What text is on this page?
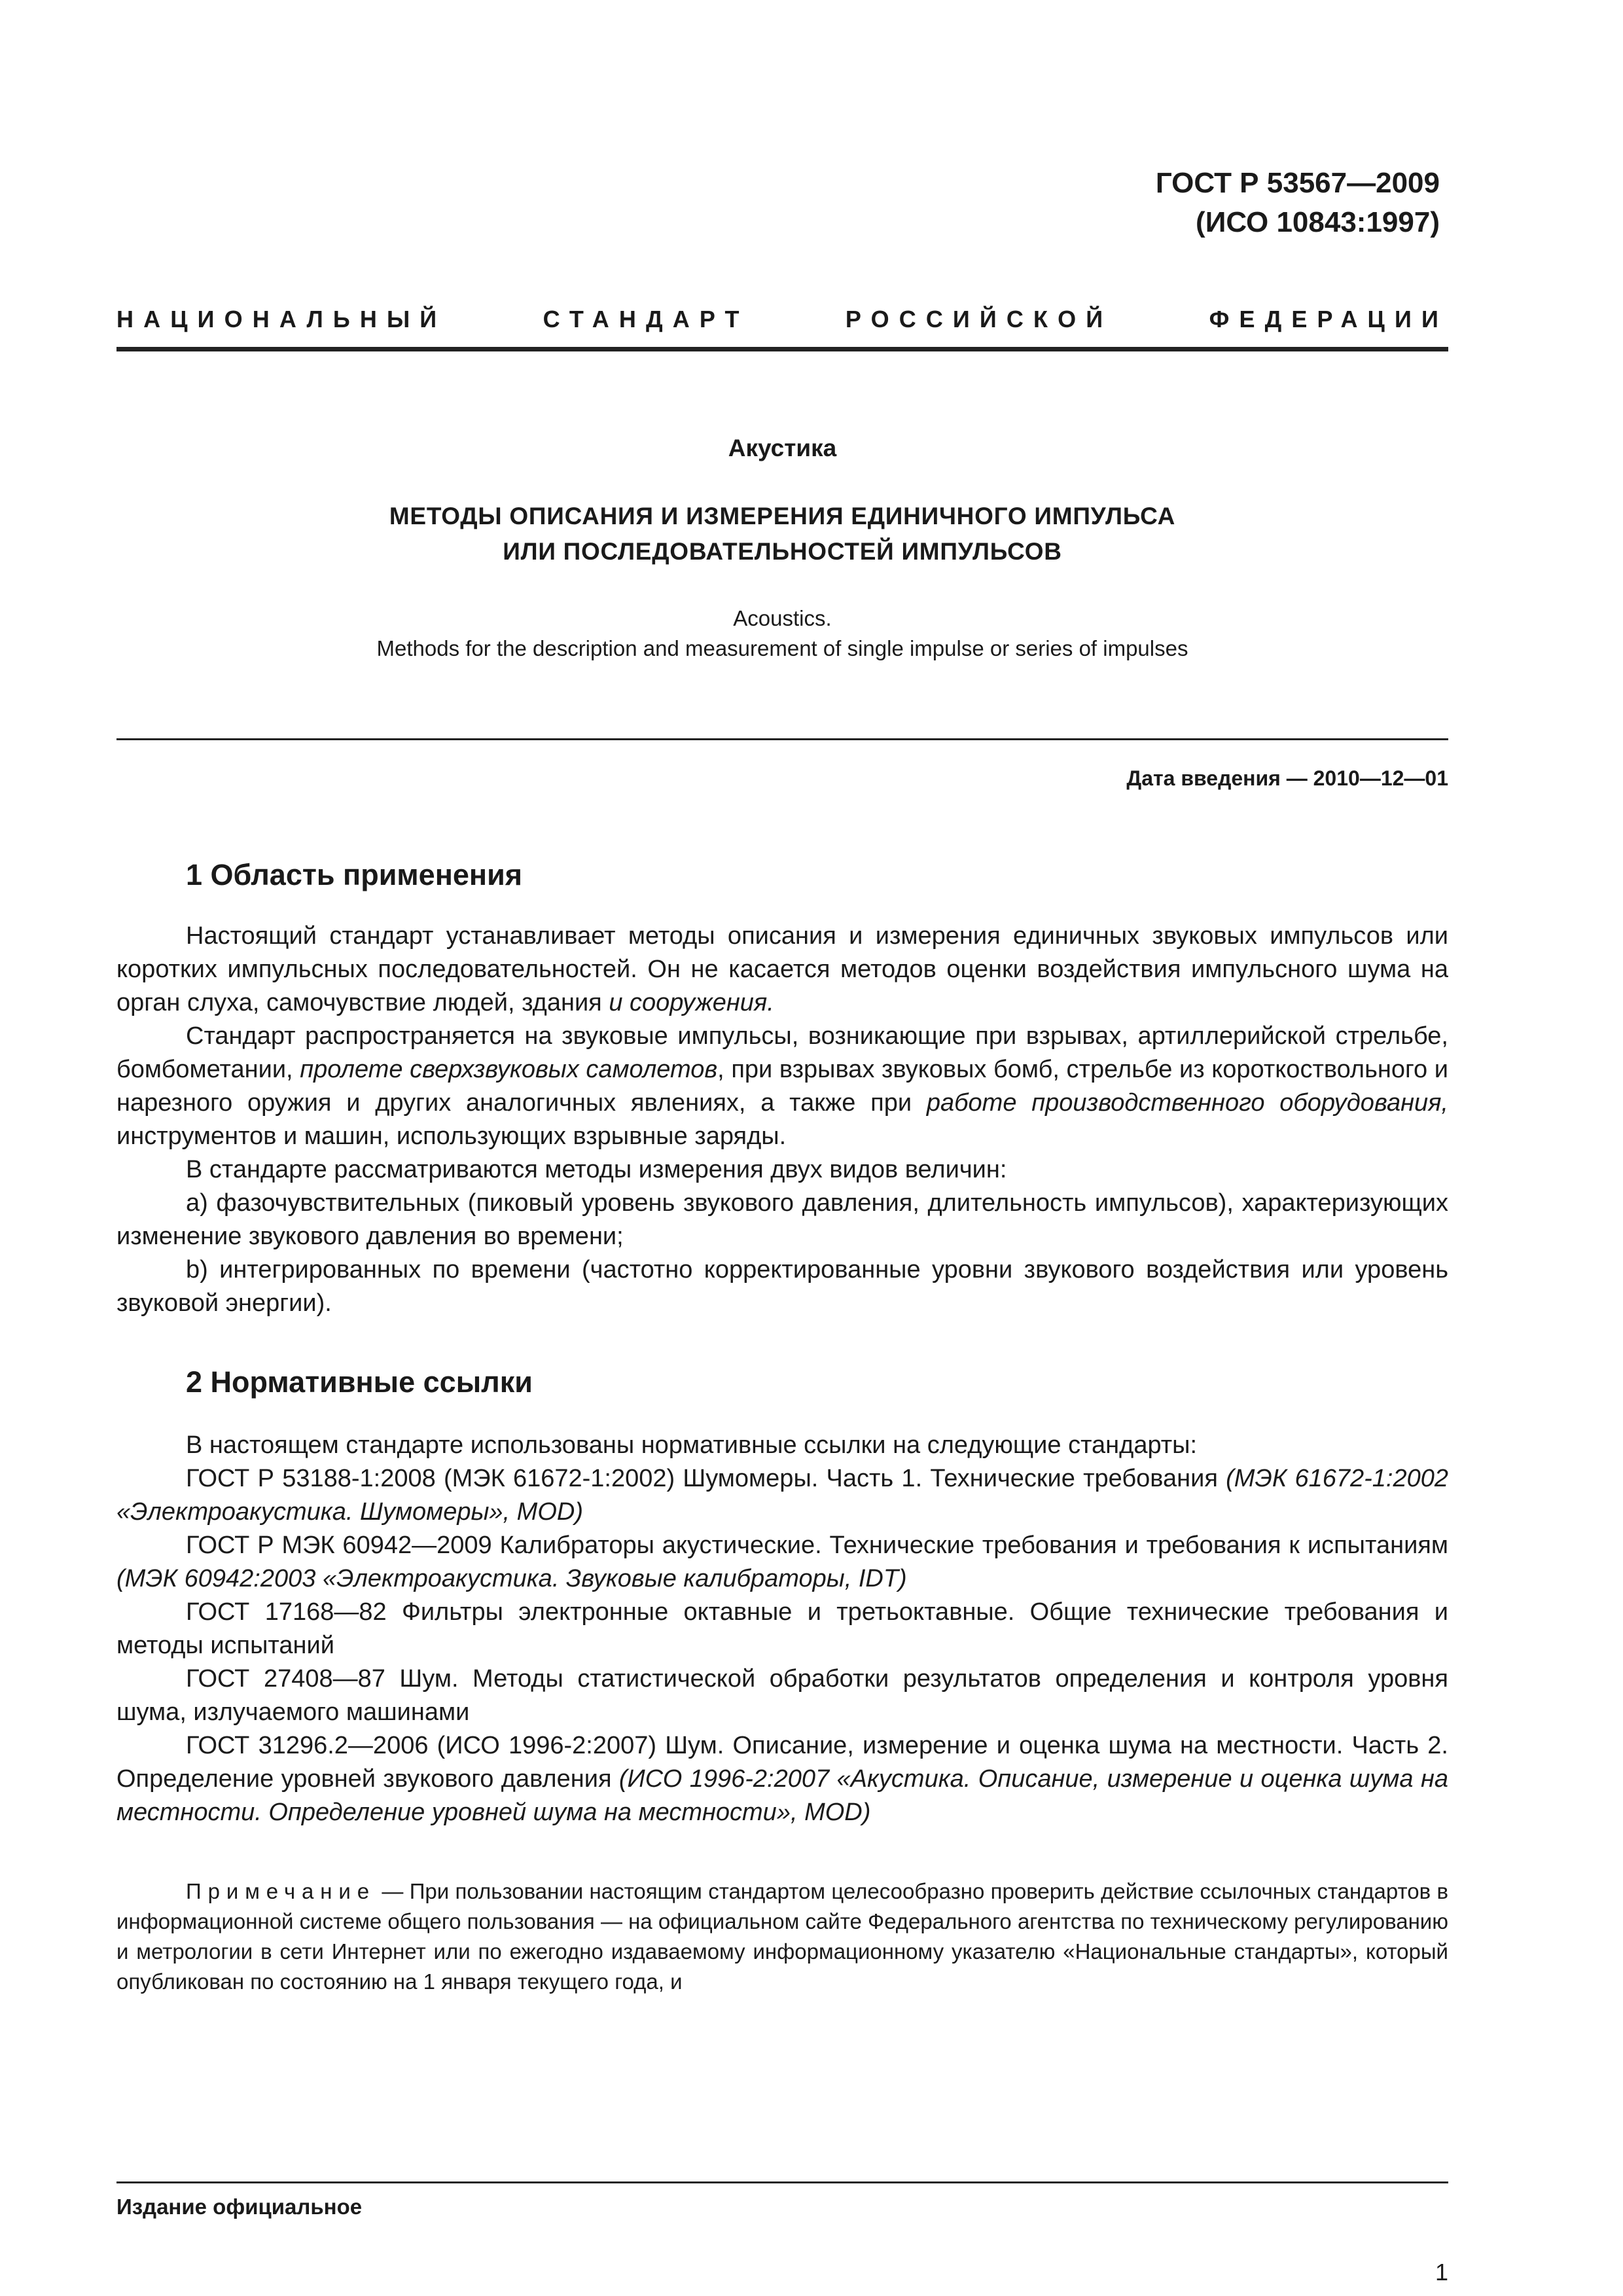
ГОСТ Р 53567—2009
(ИСО 10843:1997)
НАЦИОНАЛЬНЫЙ	СТАНДАРТ	РОССИЙСКОЙ	ФЕДЕРАЦИИ
Акустика
МЕТОДЫ ОПИСАНИЯ И ИЗМЕРЕНИЯ ЕДИНИЧНОГО ИМПУЛЬСА
ИЛИ ПОСЛЕДОВАТЕЛЬНОСТЕЙ ИМПУЛЬСОВ
Acoustics.
Methods for the description and measurement of single impulse or series of impulses
Дата введения — 2010—12—01
1 Область применения

Настоящий стандарт устанавливает методы описания и измерения единичных звуковых импульсов или коротких импульсных последовательностей. Он не касается методов оценки воздействия импульсного шума на орган слуха, самочувствие людей, здания и сооружения.

Стандарт распространяется на звуковые импульсы, возникающие при взрывах, артиллерийской стрельбе, бомбометании, пролете сверхзвуковых самолетов, при взрывах звуковых бомб, стрельбе из короткоствольного и нарезного оружия и других аналогичных явлениях, а также при работе производственного оборудования, инструментов и машин, использующих взрывные заряды.

В стандарте рассматриваются методы измерения двух видов величин:

a) фазочувствительных (пиковый уровень звукового давления, длительность импульсов), характеризующих изменение звукового давления во времени;

b) интегрированных по времени (частотно корректированные уровни звукового воздействия или уровень звуковой энергии).

2 Нормативные ссылки

В настоящем стандарте использованы нормативные ссылки на следующие стандарты:

ГОСТ Р 53188-1:2008 (МЭК 61672-1:2002) Шумомеры. Часть 1. Технические требования (МЭК 61672-1:2002 «Электроакустика. Шумомеры», MOD)

ГОСТ Р МЭК 60942—2009 Калибраторы акустические. Технические требования и требования к испытаниям (МЭК 60942:2003 «Электроакустика. Звуковые калибраторы, IDT)

ГОСТ 17168—82 Фильтры электронные октавные и третьоктавные. Общие технические требования и методы испытаний

ГОСТ 27408—87 Шум. Методы статистической обработки результатов определения и контроля уровня шума, излучаемого машинами

ГОСТ 31296.2—2006 (ИСО 1996-2:2007) Шум. Описание, измерение и оценка шума на местности. Часть 2. Определение уровней звукового давления (ИСО 1996-2:2007 «Акустика. Описание, измерение и оценка шума на местности. Определение уровней шума на местности», MOD)

Примечание — При пользовании настоящим стандартом целесообразно проверить действие ссылочных стандартов в информационной системе общего пользования — на официальном сайте Федерального агентства по техническому регулированию и метрологии в сети Интернет или по ежегодно издаваемому информационному указателю «Национальные стандарты», который опубликован по состоянию на 1 января текущего года, и
Издание официальное
1
